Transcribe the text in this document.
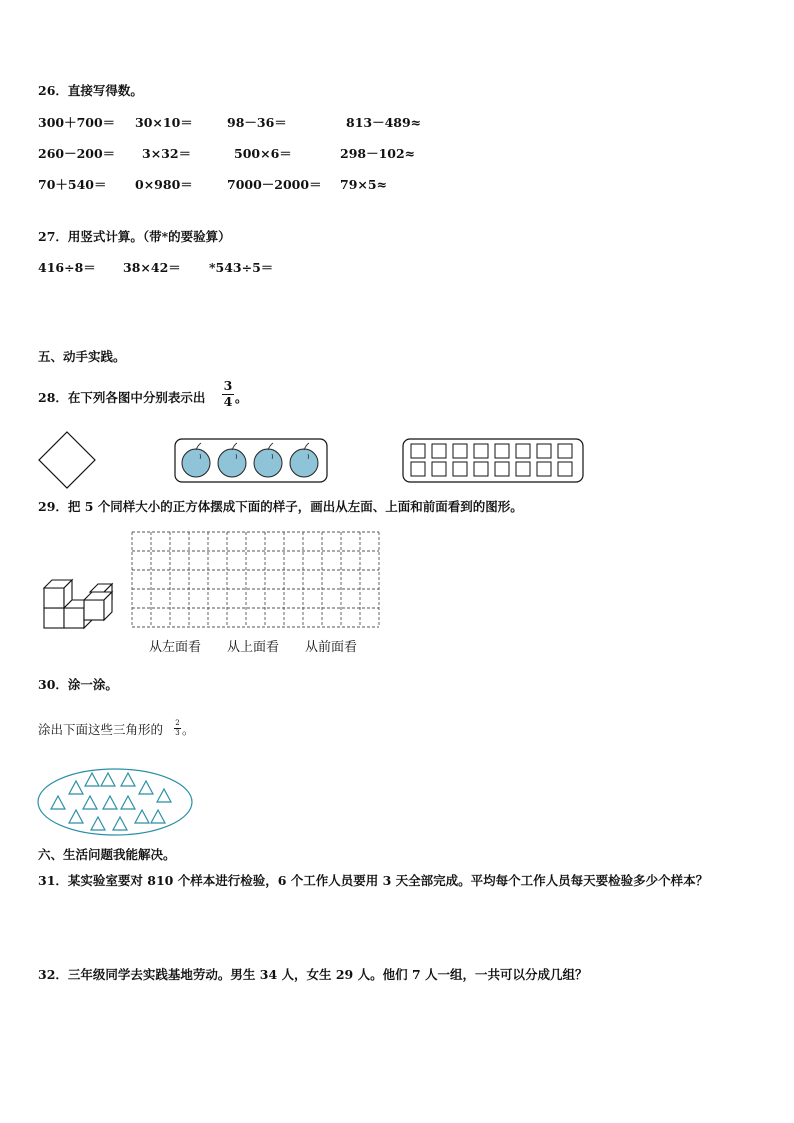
26．直接写得数。
300＋700＝ 30×10＝	98－36＝	813－489≈
260－200＝ 3×32＝	500×6＝	298－102≈
70＋540＝ 0×980＝	7000－2000＝ 79×5≈
27．用竖式计算。（带*的要验算）
416÷8＝ 38×42＝ *543÷5＝
五、动手实践。
28．在下列各图中分别表示出
3
4 。
29．把 5 个同样大小的正方体摆成下面的样子，画出从左面、上面和前面看到的图形。
从左面看 从上面看 从前面看
30．涂一涂。
涂出下面这些三角形的 2
3 。
六、生活问题我能解决。
31．某实验室要对 810 个样本进行检验，6 个工作人员要用 3 天全部完成。平均每个工作人员每天要检验多少个样本？
32．三年级同学去实践基地劳动。男生 34 人，女生 29 人。他们 7 人一组，一共可以分成几组？
